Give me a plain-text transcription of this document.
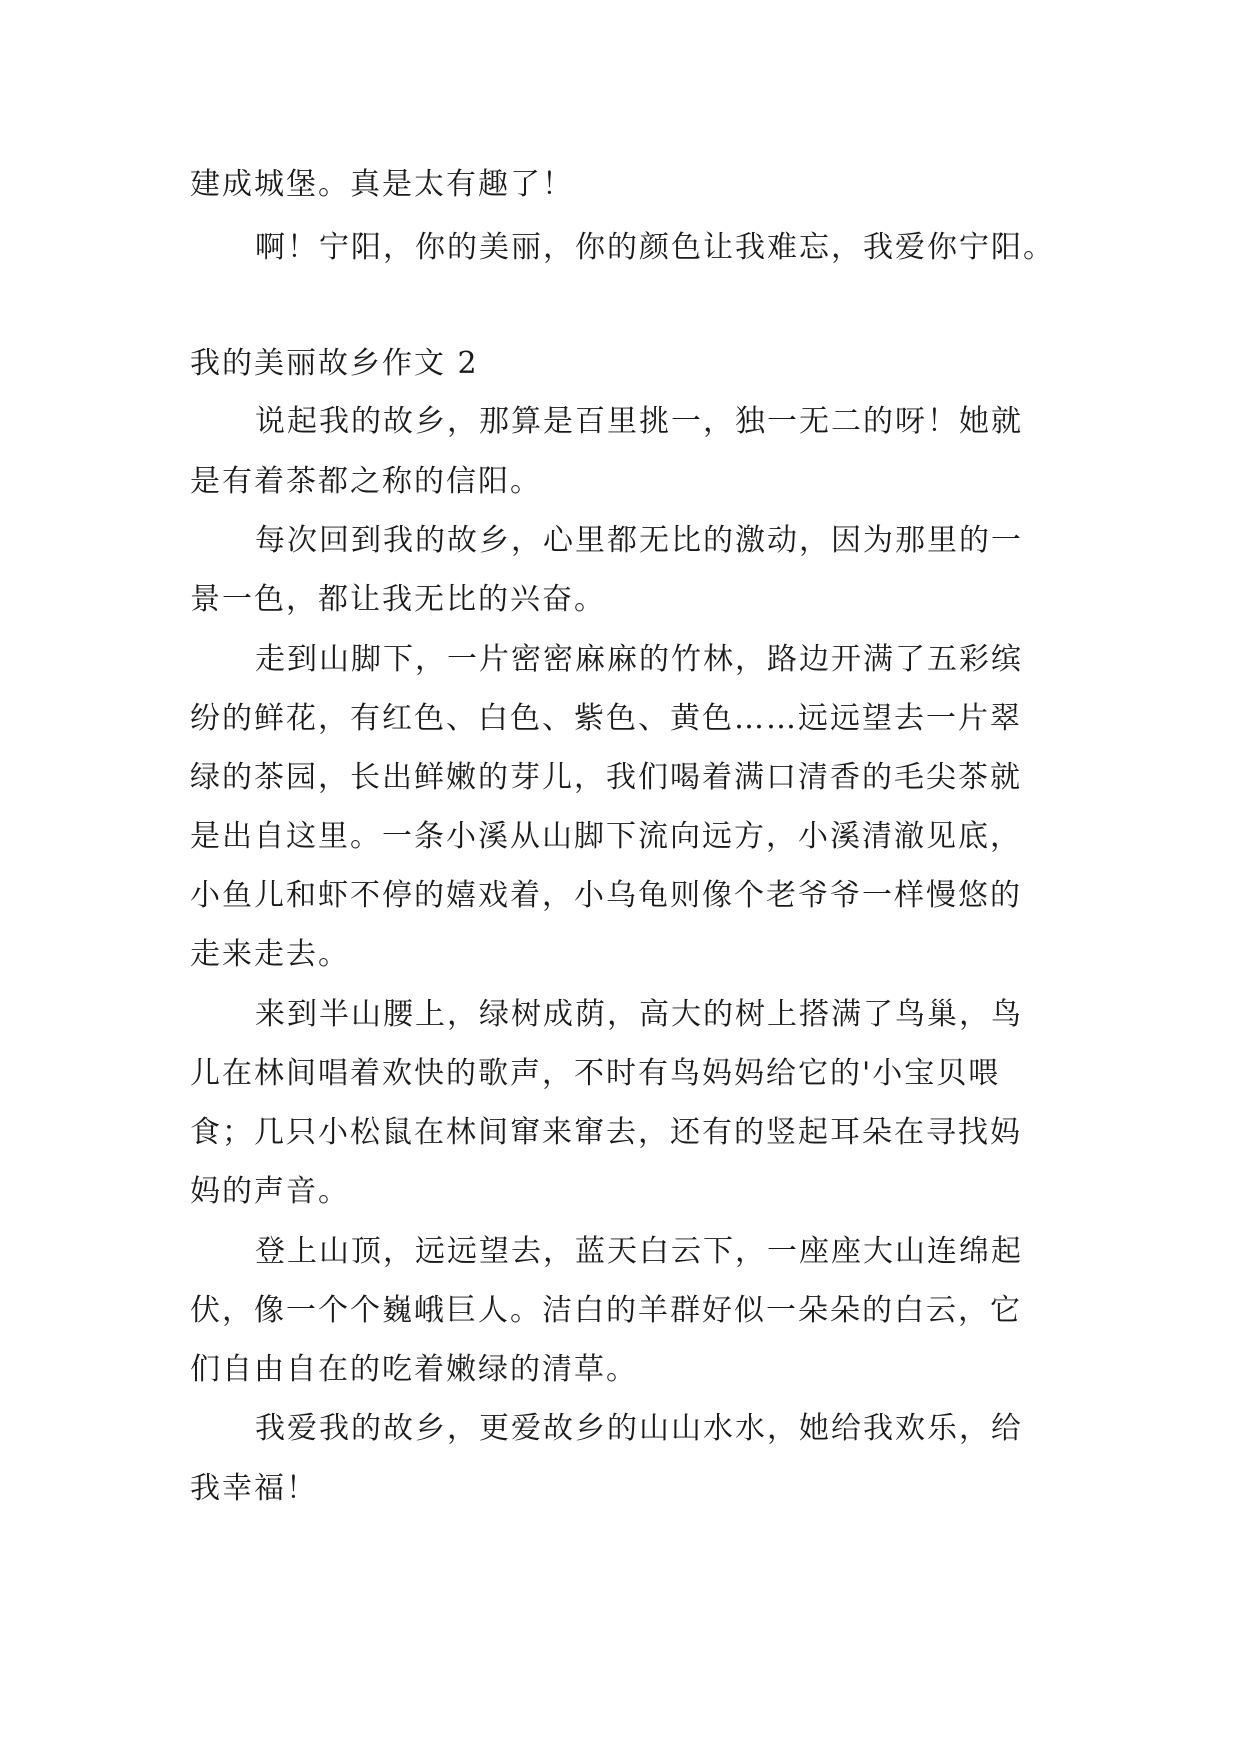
建成城堡。真是太有趣了！
啊！宁阳，你的美丽，你的颜色让我难忘，我爱你宁阳。
我的美丽故乡作文 2
说起我的故乡，那算是百里挑一，独一无二的呀！她就
是有着茶都之称的信阳。
每次回到我的故乡，心里都无比的激动，因为那里的一
景一色，都让我无比的兴奋。
走到山脚下，一片密密麻麻的竹林，路边开满了五彩缤
纷的鲜花，有红色、白色、紫色、黄色……远远望去一片翠
绿的茶园，长出鲜嫩的芽儿，我们喝着满口清香的毛尖茶就
是出自这里。一条小溪从山脚下流向远方，小溪清澈见底，
小鱼儿和虾不停的嬉戏着，小乌龟则像个老爷爷一样慢悠的
走来走去。
来到半山腰上，绿树成荫，高大的树上搭满了鸟巢，鸟
儿在林间唱着欢快的歌声，不时有鸟妈妈给它的'小宝贝喂
食；几只小松鼠在林间窜来窜去，还有的竖起耳朵在寻找妈
妈的声音。
登上山顶，远远望去，蓝天白云下，一座座大山连绵起
伏，像一个个巍峨巨人。洁白的羊群好似一朵朵的白云，它
们自由自在的吃着嫩绿的清草。
我爱我的故乡，更爱故乡的山山水水，她给我欢乐，给
我幸福！
